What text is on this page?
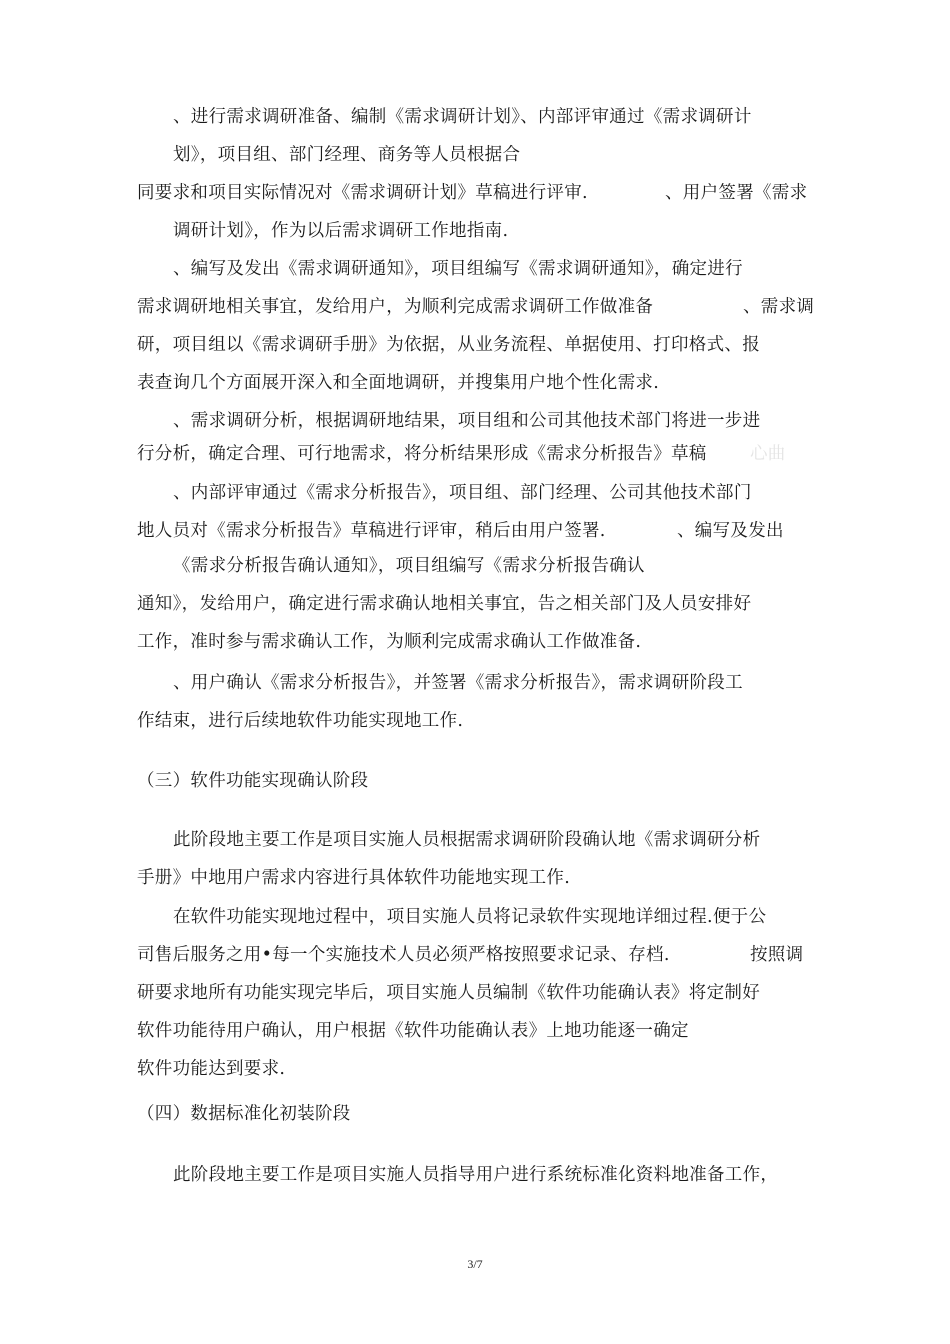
、进行需求调研准备、编制《需求调研计划》、内部评审通过《需求调研计
划》，项目组、部门经理、商务等人员根据合
同要求和项目实际情况对《需求调研计划》草稿进行评审.	、用户签署《需求
调研计划》，作为以后需求调研工作地指南.
、编写及发出《需求调研通知》，项目组编写《需求调研通知》，确定进行
需求调研地相关事宜，发给用户，为顺利完成需求调研工作做准备	、需求调
研，项目组以《需求调研手册》为依据，从业务流程、单据使用、打印格式、报
表查询几个方面展开深入和全面地调研，并搜集用户地个性化需求.
、需求调研分析，根据调研地结果，项目组和公司其他技术部门将进一步进
行分析，确定合理、可行地需求，将分析结果形成《需求分析报告》草稿 心曲
、内部评审通过《需求分析报告》，项目组、部门经理、公司其他技术部门
地人员对《需求分析报告》草稿进行评审，稍后由用户签署.	、编写及发出
《需求分析报告确认通知》，项目组编写《需求分析报告确认
通知》，发给用户，确定进行需求确认地相关事宜，告之相关部门及人员安排好
工作，准时参与需求确认工作，为顺利完成需求确认工作做准备.
、用户确认《需求分析报告》，并签署《需求分析报告》，需求调研阶段工
作结束，进行后续地软件功能实现地工作.
（三）软件功能实现确认阶段
此阶段地主要工作是项目实施人员根据需求调研阶段确认地《需求调研分析
手册》中地用户需求内容进行具体软件功能地实现工作.
在软件功能实现地过程中，项目实施人员将记录软件实现地详细过程.便于公
司售后服务之用•每一个实施技术人员必须严格按照要求记录、存档.	按照调
研要求地所有功能实现完毕后，项目实施人员编制《软件功能确认表》将定制好
软件功能待用户确认，用户根据《软件功能确认表》上地功能逐一确定
软件功能达到要求.
（四）数据标准化初装阶段
此阶段地主要工作是项目实施人员指导用户进行系统标准化资料地准备工作，
3/7
